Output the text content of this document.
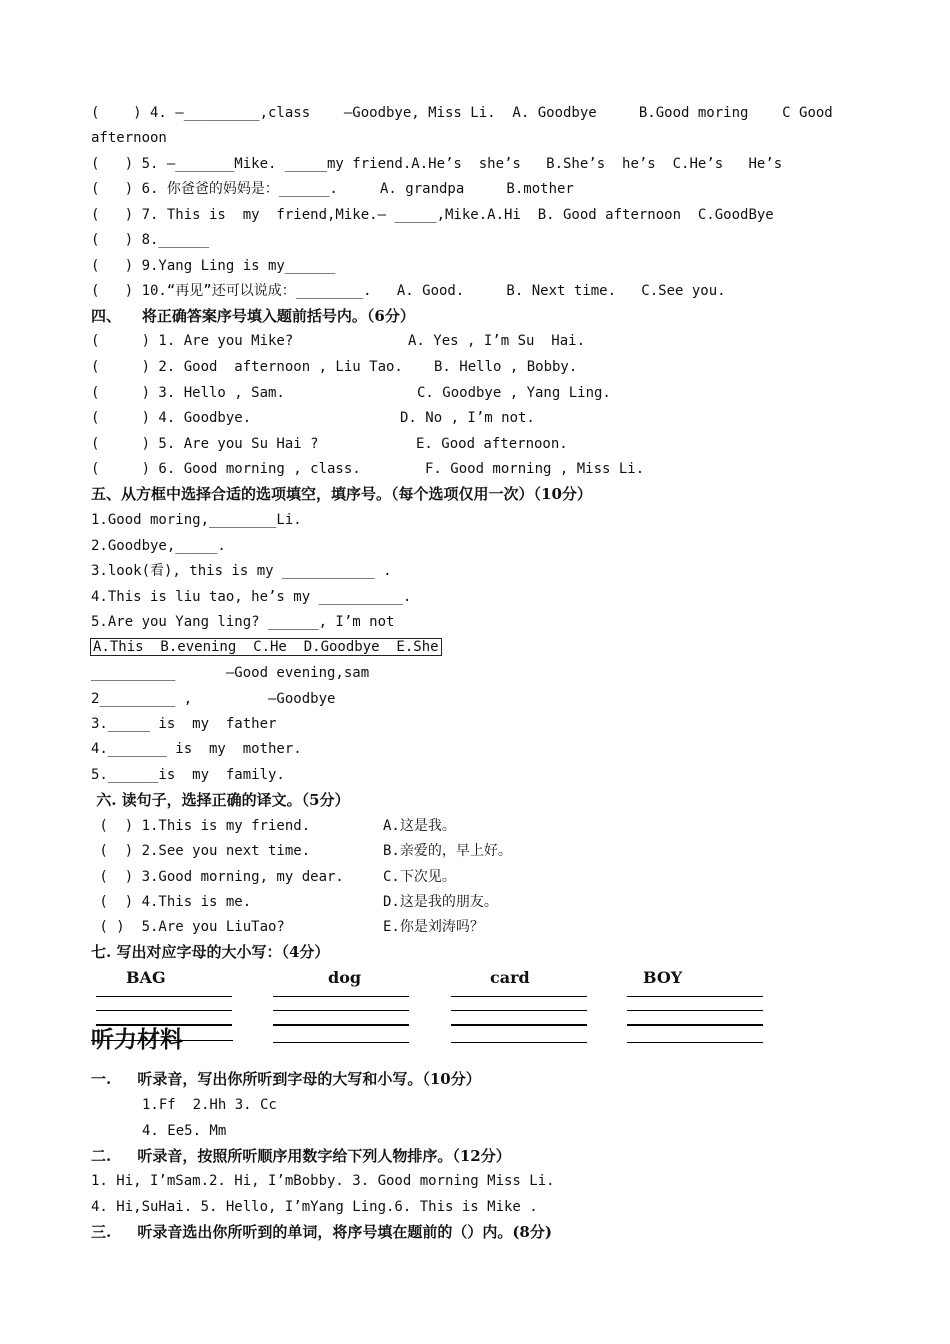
(    ) 4. —_________,class    —Goodbye, Miss Li.  A. Goodbye     B.Good moring    C Good
afternoon
(   ) 5. —_______Mike. _____my friend.A.He’s  she’s   B.She’s  he’s  C.He’s   He’s
(   ) 6. 你爸爸的妈妈是：______.     A. grandpa     B.mother
(   ) 7. This is  my  friend,Mike.— _____,Mike.A.Hi  B. Good afternoon  C.GoodBye
(   ) 8.______
(   ) 9.Yang Ling is my______
(   ) 10.“再见”还可以说成：________.   A. Good.     B. Next time.   C.See you.
四、    将正确答案序号填入题前括号内。（6分）
(     ) 1. Are you Mike?	A. Yes , I’m Su  Hai.
(     ) 2. Good  afternoon , Liu Tao. B. Hello , Bobby.
(     ) 3. Hello , Sam.	C. Goodbye , Yang Ling.
(     ) 4. Goodbye.	D. No , I’m not.
(     ) 5. Are you Su Hai ?	E. Good afternoon.
(     ) 6. Good morning , class.	F. Good morning , Miss Li.
五、从方框中选择合适的选项填空，填序号。（每个选项仅用一次）（10分）
1.Good moring,________Li.
2.Goodbye,_____.
3.look(看), this is my ___________ .
4.This is liu tao, he’s my __________.
5.Are you Yang ling? ______, I’m not
A.This  B.evening  C.He  D.Goodbye  E.She
__________      —Good evening,sam
2_________ ,         —Goodbye
3._____ is  my  father
4._______ is  my  mother.
5.______is  my  family.
六. 读句子，选择正确的译文。（5分）
(  ) 1.This is my friend.	A.这是我。
(  ) 2.See you next time.	B.亲爱的，早上好。
(  ) 3.Good morning, my dear.	C.下次见。
(  ) 4.This is me.	D.这是我的朋友。
( )  5.Are you LiuTao?	E.你是刘涛吗？
七. 写出对应字母的大小写：（4分）
BAG	dog	card	BOY
听力材料
一.     听录音，写出你所听到字母的大写和小写。（10分）
1.Ff  2.Hh 3. Cc
4. Ee5. Mm
二.     听录音，按照所听顺序用数字给下列人物排序。（12分）
1. Hi, I’mSam.2. Hi, I’mBobby. 3. Good morning Miss Li.
4. Hi,SuHai. 5. Hello, I’mYang Ling.6. This is Mike .
三.     听录音选出你所听到的单词，将序号填在题前的（）内。(8分)
